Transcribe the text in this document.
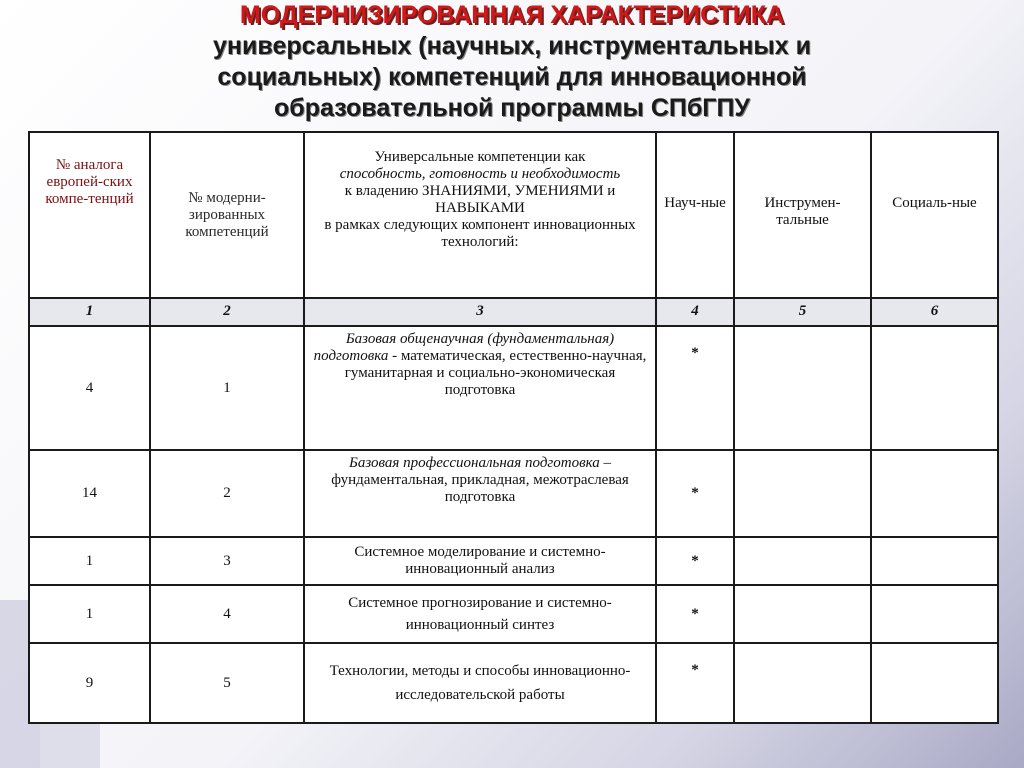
МОДЕРНИЗИРОВАННАЯ ХАРАКТЕРИСТИКА
универсальных (научных, инструментальных и
социальных) компетенций для инновационной
образовательной программы СПбГПУ
№ аналога европей-ских компе-тенций	№ модерни-зированных компетенций	Универсальные компетенции как
способность, готовность и необходимость
к владению ЗНАНИЯМИ, УМЕНИЯМИ и НАВЫКАМИ
в рамках следующих компонент инновационных технологий:	Науч-ные	Инструмен-тальные	Социаль-ные
1	2	3	4	5	6
4	1	Базовая общенаучная (фундаментальная) подготовка - математическая, естественно-научная, гуманитарная и социально-экономическая подготовка	*		
14	2	Базовая профессиональная подготовка – фундаментальная, прикладная, межотраслевая подготовка	*		
1	3	Системное моделирование и системно-инновационный анализ	*		
1	4	Системное прогнозирование и системно-инновационный синтез	*		
9	5	Технологии, методы и способы инновационно-исследовательской работы	*		
